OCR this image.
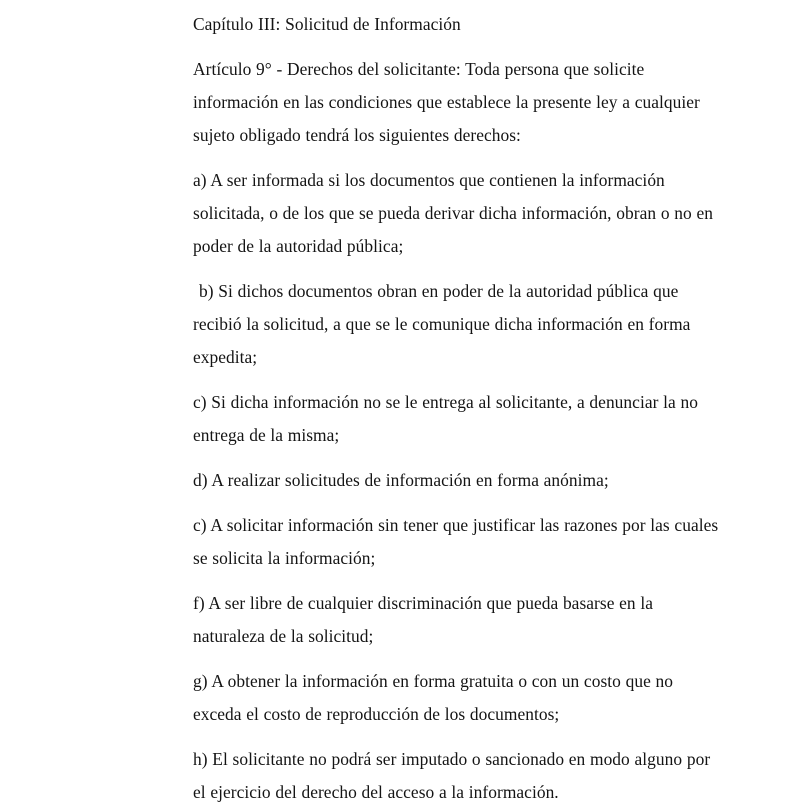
Capítulo III: Solicitud de Información

Artículo 9° - Derechos del solicitante: Toda persona que solicite información en las condiciones que establece la presente ley a cualquier sujeto obligado tendrá los siguientes derechos:

a) A ser informada si los documentos que contienen la información solicitada, o de los que se pueda derivar dicha información, obran o no en poder de la autoridad pública;

b) Si dichos documentos obran en poder de la autoridad pública que recibió la solicitud, a que se le comunique dicha información en forma expedita;

c) Si dicha información no se le entrega al solicitante, a denunciar la no entrega de la misma;

d) A realizar solicitudes de información en forma anónima;

c) A solicitar información sin tener que justificar las razones por las cuales se solicita la información;

f) A ser libre de cualquier discriminación que pueda basarse en la naturaleza de la solicitud;

g) A obtener la información en forma gratuita o con un costo que no exceda el costo de reproducción de los documentos;

h) El solicitante no podrá ser imputado o sancionado en modo alguno por el ejercicio del derecho del acceso a la información.
